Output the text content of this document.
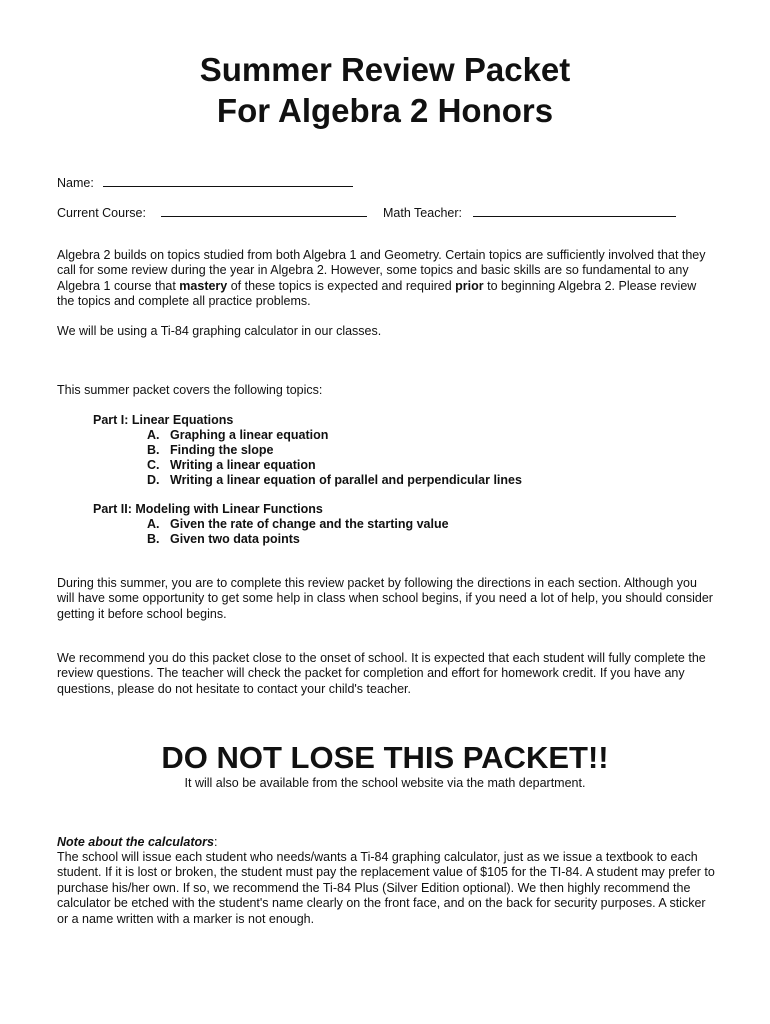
Summer Review Packet
For Algebra 2 Honors
Name:
Current Course:	Math Teacher:

Algebra 2 builds on topics studied from both Algebra 1 and Geometry. Certain topics are sufficiently involved that they call for some review during the year in Algebra 2. However, some topics and basic skills are so fundamental to any Algebra 1 course that mastery of these topics is expected and required prior to beginning Algebra 2. Please review the topics and complete all practice problems.

We will be using a Ti-84 graphing calculator in our classes.
This summer packet covers the following topics:
Part I: Linear Equations
A. Graphing a linear equation
B. Finding the slope
C. Writing a linear equation
D. Writing a linear equation of parallel and perpendicular lines
Part II: Modeling with Linear Functions
A. Given the rate of change and the starting value
B. Given two data points
During this summer, you are to complete this review packet by following the directions in each section. Although you will have some opportunity to get some help in class when school begins, if you need a lot of help, you should consider getting it before school begins.
We recommend you do this packet close to the onset of school. It is expected that each student will fully complete the review questions. The teacher will check the packet for completion and effort for homework credit. If you have any questions, please do not hesitate to contact your child's teacher.
DO NOT LOSE THIS PACKET!!
It will also be available from the school website via the math department.
Note about the calculators:
The school will issue each student who needs/wants a Ti-84 graphing calculator, just as we issue a textbook to each student. If it is lost or broken, the student must pay the replacement value of $105 for the TI-84. A student may prefer to purchase his/her own. If so, we recommend the Ti-84 Plus (Silver Edition optional). We then highly recommend the calculator be etched with the student's name clearly on the front face, and on the back for security purposes. A sticker or a name written with a marker is not enough.
